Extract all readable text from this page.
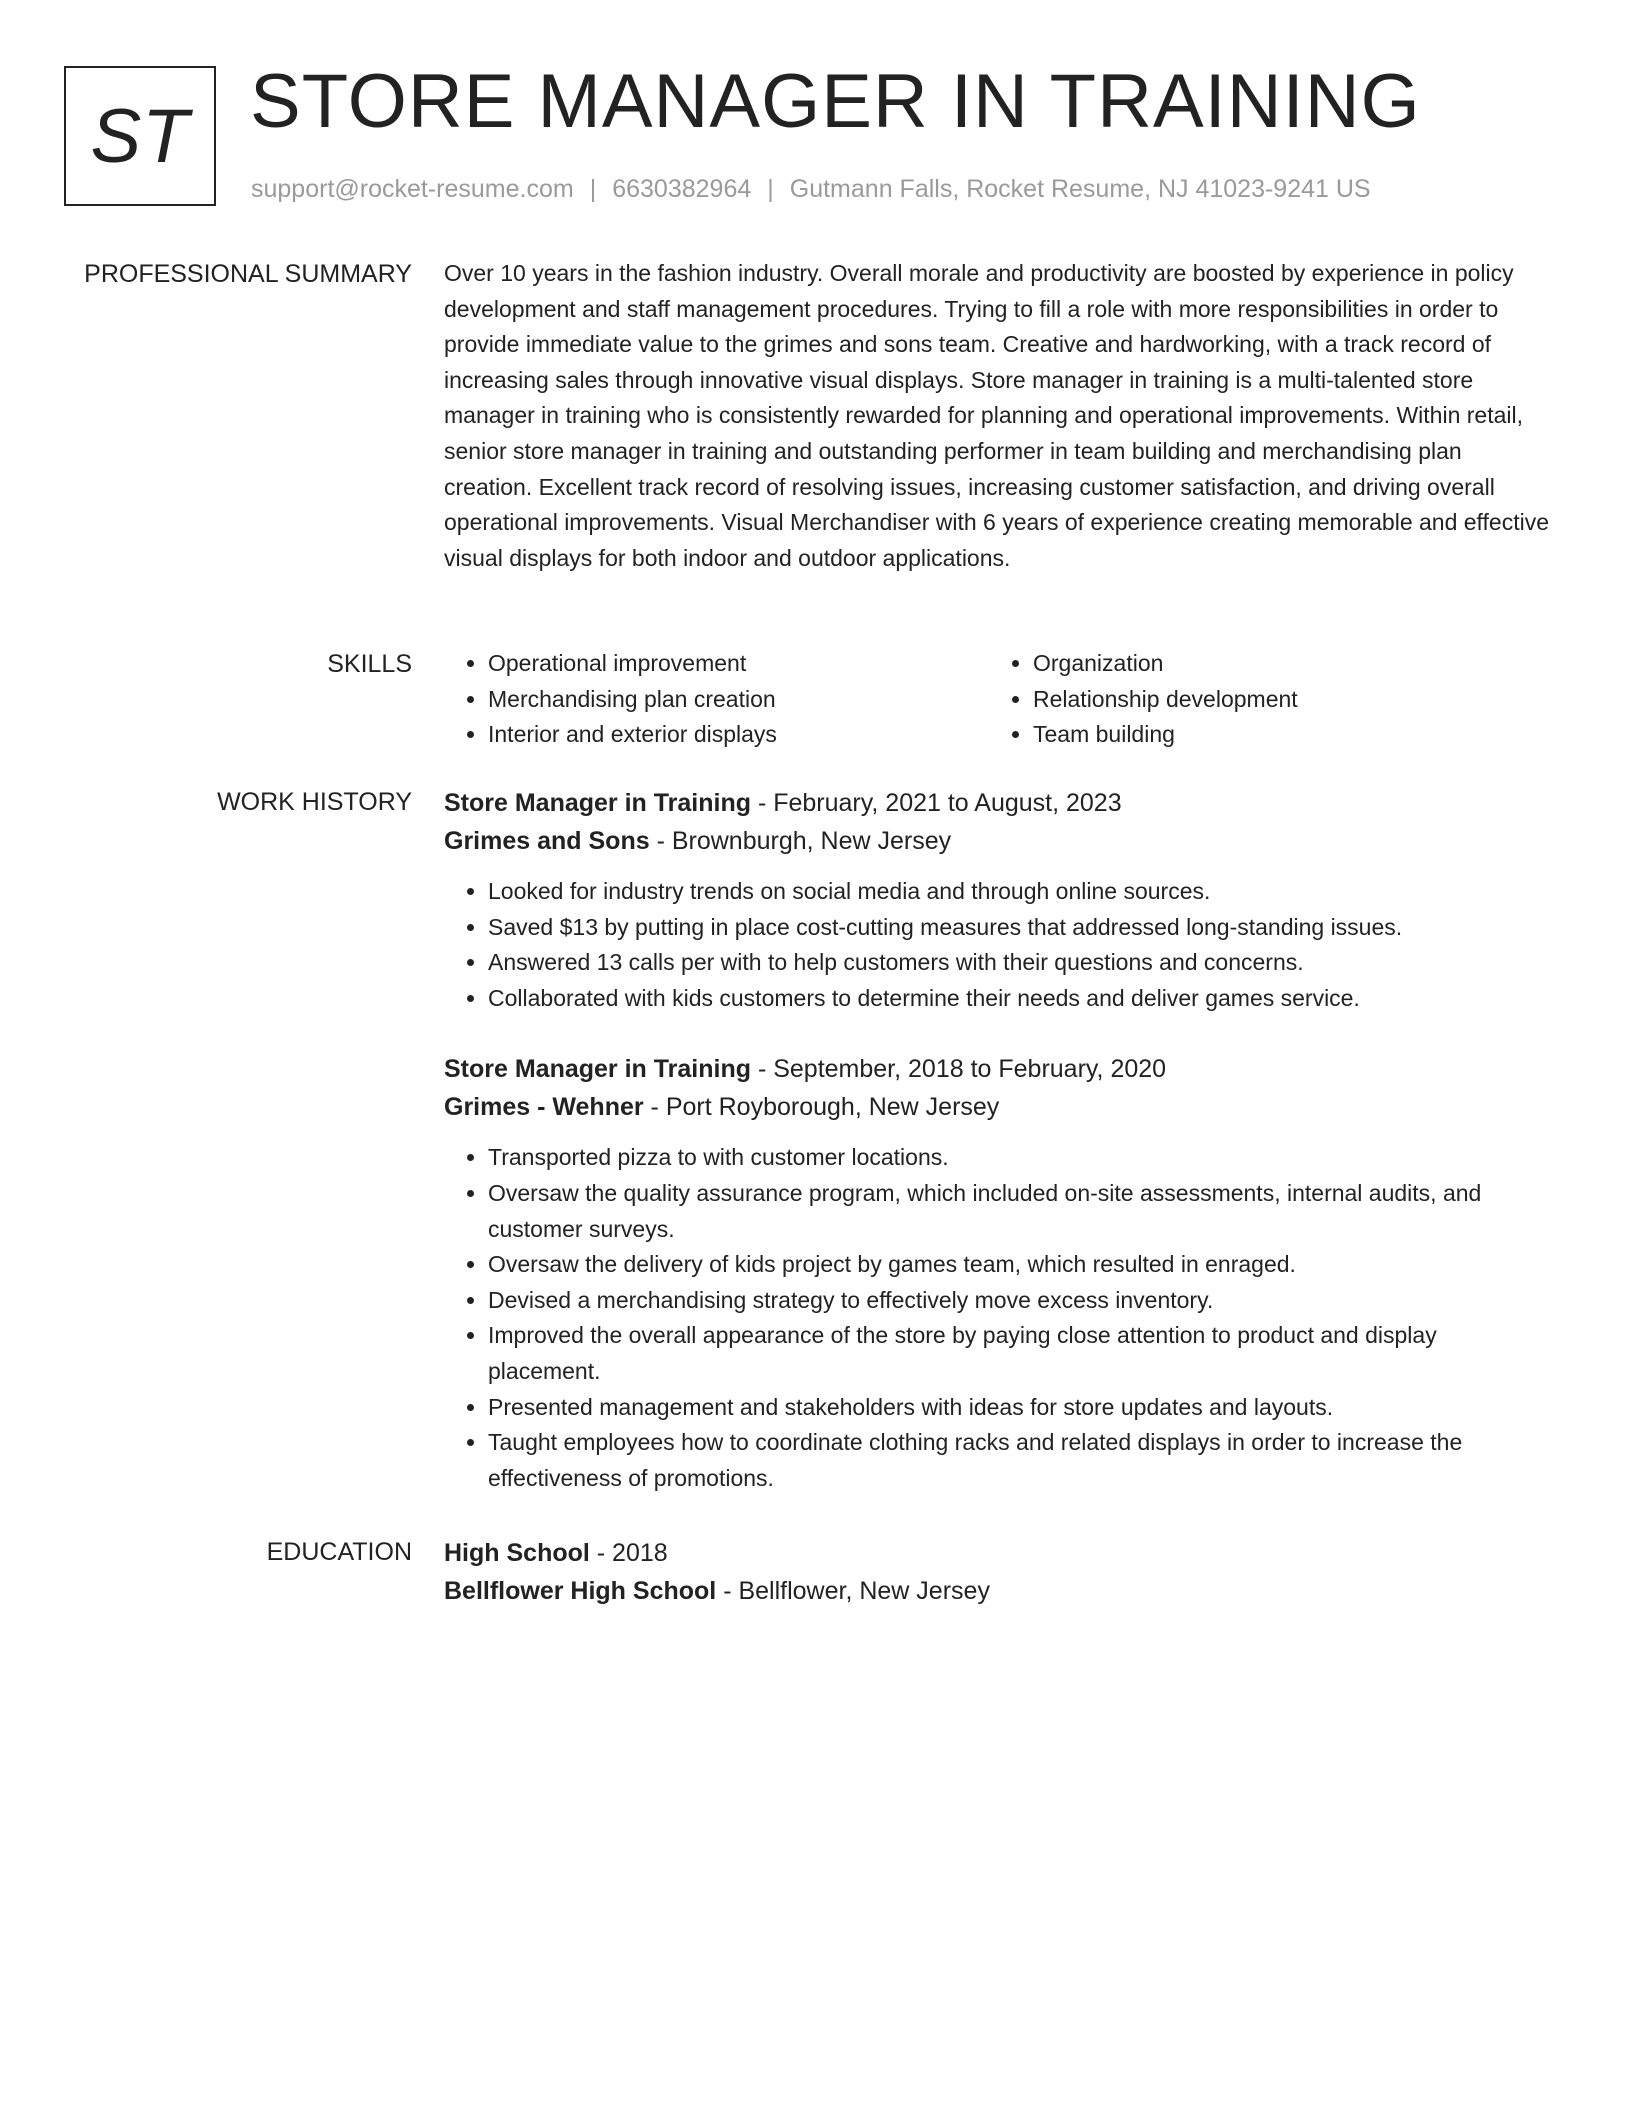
ST STORE MANAGER IN TRAINING
support@rocket-resume.com | 6630382964 | Gutmann Falls, Rocket Resume, NJ 41023-9241 US
PROFESSIONAL SUMMARY Over 10 years in the fashion industry. Overall morale and productivity are boosted by experience in policy development and staff management procedures. Trying to fill a role with more responsibilities in order to provide immediate value to the grimes and sons team. Creative and hardworking, with a track record of increasing sales through innovative visual displays. Store manager in training is a multi-talented store manager in training who is consistently rewarded for planning and operational improvements. Within retail, senior store manager in training and outstanding performer in team building and merchandising plan creation. Excellent track record of resolving issues, increasing customer satisfaction, and driving overall operational improvements. Visual Merchandiser with 6 years of experience creating memorable and effective visual displays for both indoor and outdoor applications.

SKILLS
•	Operational improvement
• Merchandising plan creation
• Interior and exterior displays
• Organization
• Relationship development
• Team building
WORK HISTORY Store Manager in Training - February, 2021 to August, 2023
Grimes and Sons - Brownburgh, New Jersey
• Looked for industry trends on social media and through online sources.
• Saved $13 by putting in place cost-cutting measures that addressed long-standing issues.
• Answered 13 calls per with to help customers with their questions and concerns.
• Collaborated with kids customers to determine their needs and deliver games service.
Store Manager in Training - September, 2018 to February, 2020
Grimes - Wehner - Port Royborough, New Jersey
• Transported pizza to with customer locations.
• Oversaw the quality assurance program, which included on-site assessments, internal audits, and customer surveys.
• Oversaw the delivery of kids project by games team, which resulted in enraged.
• Devised a merchandising strategy to effectively move excess inventory.
• Improved the overall appearance of the store by paying close attention to product and display placement.
• Presented management and stakeholders with ideas for store updates and layouts.
• Taught employees how to coordinate clothing racks and related displays in order to increase the effectiveness of promotions.
EDUCATION High School - 2018
Bellflower High School - Bellflower, New Jersey
